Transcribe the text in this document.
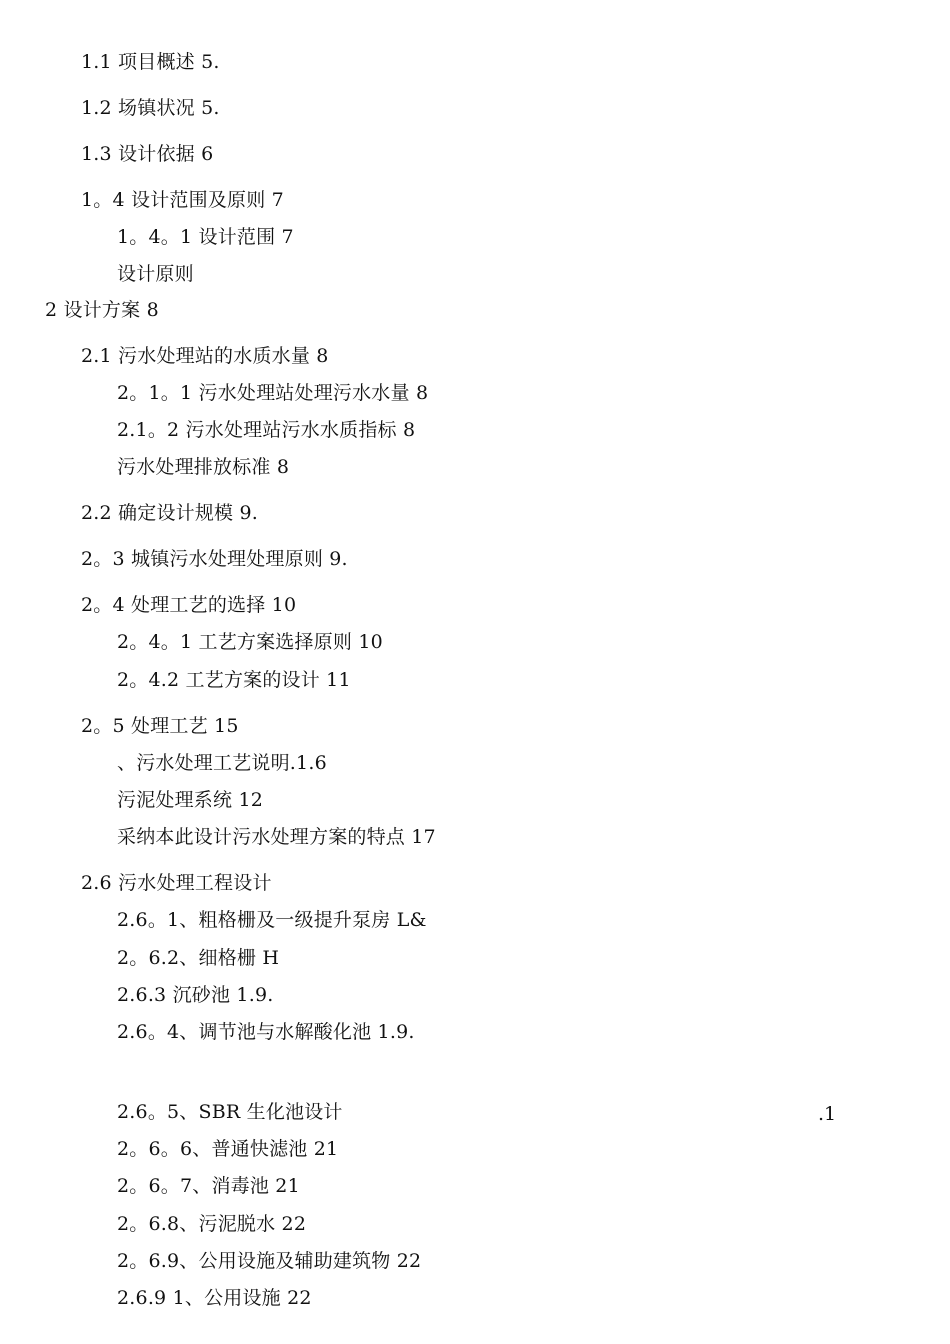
1.1 项目概述 5.
1.2 场镇状况 5.
1.3 设计依据 6
1。4 设计范围及原则 7
1。4。1 设计范围 7
设计原则
2 设计方案 8
2.1 污水处理站的水质水量 8
2。1。1 污水处理站处理污水水量 8
2.1。2 污水处理站污水水质指标 8
污水处理排放标准 8
2.2 确定设计规模 9.
2。3 城镇污水处理处理原则 9.
2。4 处理工艺的选择 10
2。4。1 工艺方案选择原则 10
2。4.2 工艺方案的设计 11
2。5 处理工艺 15
、污水处理工艺说明.1.6
污泥处理系统 12
采纳本此设计污水处理方案的特点 17
2.6 污水处理工程设计
2.6。1、粗格栅及一级提升泵房 L&
2。6.2、细格栅 H
2.6.3 沉砂池 1.9.
2.6。4、调节池与水解酸化池 1.9.
2.6。5、SBR 生化池设计	.1
2。6。6、普通快滤池 21
2。6。7、消毒池 21
2。6.8、污泥脱水 22
2。6.9、公用设施及辅助建筑物 22
2.6.9 1、公用设施 22
